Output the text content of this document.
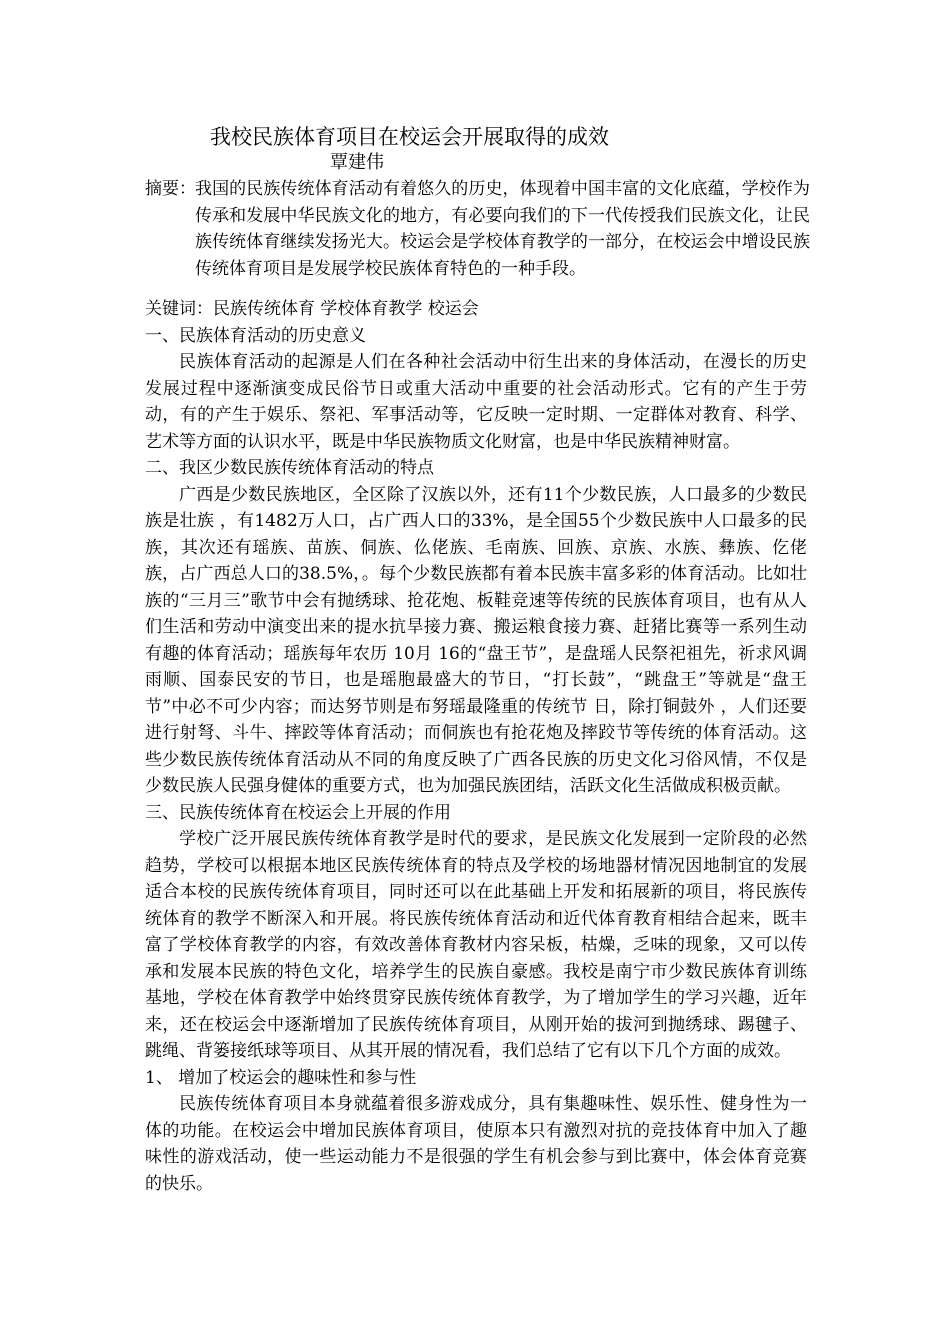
我校民族体育项目在校运会开展取得的成效
覃建伟
摘要： 我国的民族传统体育活动有着悠久的历史，体现着中国丰富的文化底蕴，学校作为传承和发展中华民族文化的地方，有必要向我们的下一代传授我们民族文化，让民族传统体育继续发扬光大。校运会是学校体育教学的一部分，在校运会中增设民族传统体育项目是发展学校民族体育特色的一种手段。
关键词：民族传统体育 学校体育教学 校运会
一、民族体育活动的历史意义

民族体育活动的起源是人们在各种社会活动中衍生出来的身体活动，在漫长的历史发展过程中逐渐演变成民俗节日或重大活动中重要的社会活动形式。它有的产生于劳动，有的产生于娱乐、祭祀、军事活动等，它反映一定时期、一定群体对教育、科学、艺术等方面的认识水平，既是中华民族物质文化财富，也是中华民族精神财富。

二、我区少数民族传统体育活动的特点

广西是少数民族地区，全区除了汉族以外，还有11个少数民族，人口最多的少数民族是壮族 ，有1482万人口，占广西人口的33%，是全国55个少数民族中人口最多的民族，其次还有瑶族、苗族、侗族、仫佬族、毛南族、回族、京族、水族、彝族、仡佬族，占广西总人口的38.5%，。每个少数民族都有着本民族丰富多彩的体育活动。比如壮族的“三月三”歌节中会有抛绣球、抢花炮、板鞋竞速等传统的民族体育项目，也有从人们生活和劳动中演变出来的提水抗旱接力赛、搬运粮食接力赛、赶猪比赛等一系列生动有趣的体育活动；瑶族每年农历 10月 16的“盘王节”，是盘瑶人民祭祀祖先，祈求风调雨顺、国泰民安的节日，也是瑶胞最盛大的节日，“打长鼓”，“跳盘王”等就是“盘王节”中必不可少内容；而达努节则是布努瑶最隆重的传统节 日，除打铜鼓外 ，人们还要进行射弩、斗牛、摔跤等体育活动；而侗族也有抢花炮及摔跤节等传统的体育活动。这些少数民族传统体育活动从不同的角度反映了广西各民族的历史文化习俗风情，不仅是少数民族人民强身健体的重要方式，也为加强民族团结，活跃文化生活做成积极贡献。

三、民族传统体育在校运会上开展的作用

学校广泛开展民族传统体育教学是时代的要求，是民族文化发展到一定阶段的必然趋势，学校可以根据本地区民族传统体育的特点及学校的场地器材情况因地制宜的发展适合本校的民族传统体育项目，同时还可以在此基础上开发和拓展新的项目，将民族传统体育的教学不断深入和开展。将民族传统体育活动和近代体育教育相结合起来，既丰富了学校体育教学的内容，有效改善体育教材内容呆板，枯燥，乏味的现象，又可以传承和发展本民族的特色文化，培养学生的民族自豪感。我校是南宁市少数民族体育训练基地，学校在体育教学中始终贯穿民族传统体育教学，为了增加学生的学习兴趣，近年来，还在校运会中逐渐增加了民族传统体育项目，从刚开始的拔河到抛绣球、踢毽子、跳绳、背篓接纸球等项目、从其开展的情况看，我们总结了它有以下几个方面的成效。

1、 增加了校运会的趣味性和参与性

民族传统体育项目本身就蕴着很多游戏成分，具有集趣味性、娱乐性、健身性为一体的功能。在校运会中增加民族体育项目，使原本只有激烈对抗的竞技体育中加入了趣味性的游戏活动，使一些运动能力不是很强的学生有机会参与到比赛中，体会体育竞赛的快乐。
